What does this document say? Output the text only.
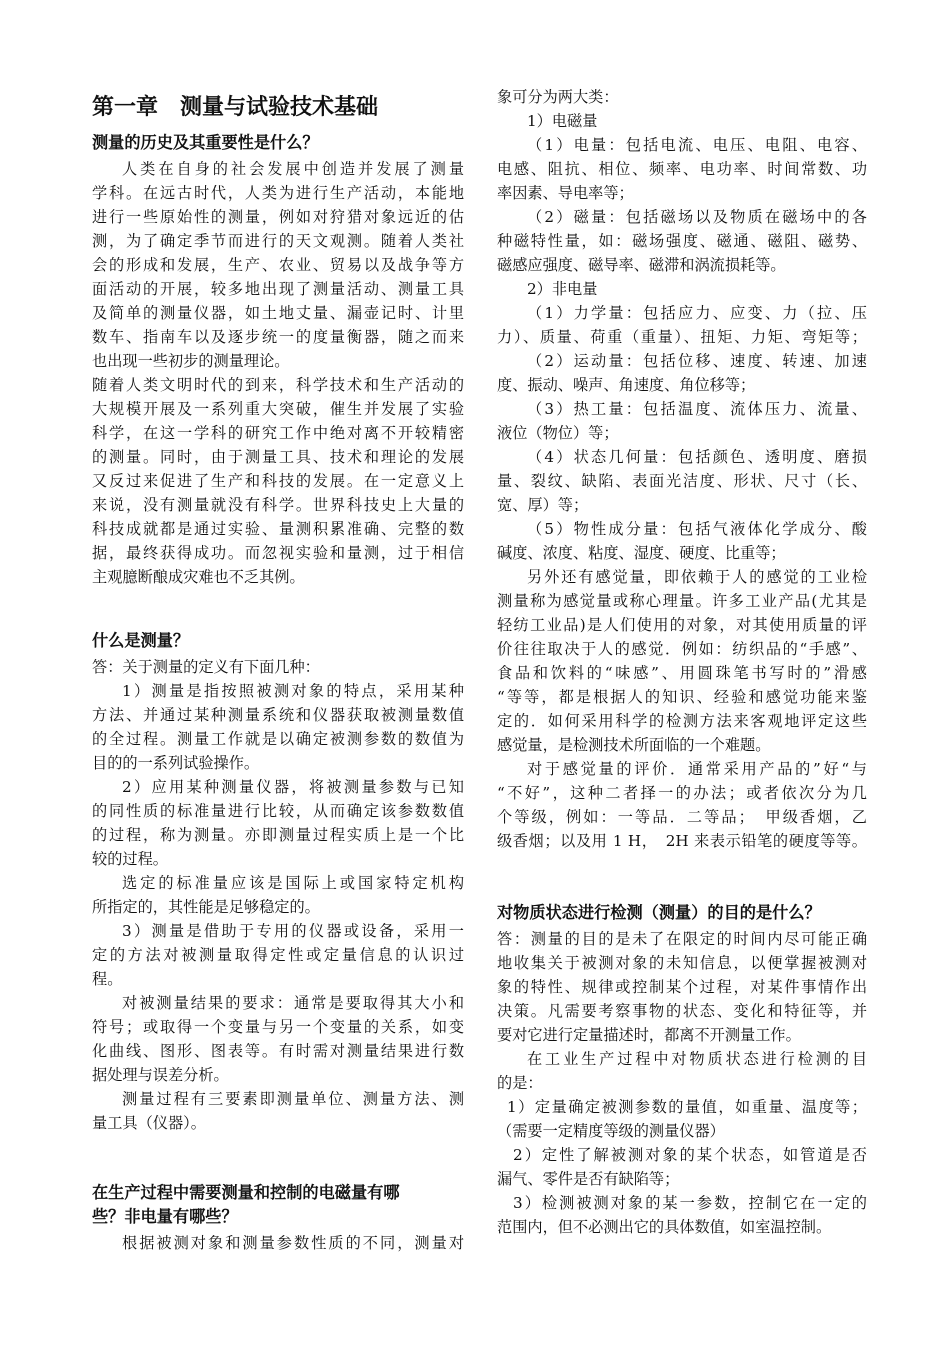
第一章　测量与试验技术基础
测量的历史及其重要性是什么？
人类在自身的社会发展中创造并发展了测量
学科。在远古时代，人类为进行生产活动，本能地
进行一些原始性的测量，例如对狩猎对象远近的估
测，为了确定季节而进行的天文观测。随着人类社
会的形成和发展，生产、农业、贸易以及战争等方
面活动的开展，较多地出现了测量活动、测量工具
及简单的测量仪器，如土地丈量、漏壶记时、计里
数车、指南车以及逐步统一的度量衡器，随之而来
也出现一些初步的测量理论。
随着人类文明时代的到来，科学技术和生产活动的
大规模开展及一系列重大突破，催生并发展了实验
科学，在这一学科的研究工作中绝对离不开较精密
的测量。同时，由于测量工具、技术和理论的发展
又反过来促进了生产和科技的发展。在一定意义上
来说，没有测量就没有科学。世界科技史上大量的
科技成就都是通过实验、量测积累准确、完整的数
据，最终获得成功。而忽视实验和量测，过于相信
主观臆断酿成灾难也不乏其例。
什么是测量？
答：关于测量的定义有下面几种：
1）测量是指按照被测对象的特点，采用某种
方法、并通过某种测量系统和仪器获取被测量数值
的全过程。测量工作就是以确定被测参数的数值为
目的的一系列试验操作。
2）应用某种测量仪器，将被测量参数与已知
的同性质的标准量进行比较，从而确定该参数数值
的过程，称为测量。亦即测量过程实质上是一个比
较的过程。
选定的标准量应该是国际上或国家特定机构
所指定的，其性能是足够稳定的。
3）测量是借助于专用的仪器或设备，采用一
定的方法对被测量取得定性或定量信息的认识过
程。
对被测量结果的要求：通常是要取得其大小和
符号；或取得一个变量与另一个变量的关系，如变
化曲线、图形、图表等。有时需对测量结果进行数
据处理与误差分析。
测量过程有三要素即测量单位、测量方法、测
量工具（仪器）。
在生产过程中需要测量和控制的电磁量有哪
些？非电量有哪些？
根据被测对象和测量参数性质的不同，测量对
象可分为两大类：
1）电磁量
（1）电量：包括电流、电压、电阻、电容、
电感、阻抗、相位、频率、电功率、时间常数、功
率因素、导电率等；
（2）磁量：包括磁场以及物质在磁场中的各
种磁特性量，如：磁场强度、磁通、磁阻、磁势、
磁感应强度、磁导率、磁滞和涡流损耗等。
2）非电量
（1）力学量：包括应力、应变、力（拉、压
力）、质量、荷重（重量）、扭矩、力矩、弯矩等；
（2）运动量：包括位移、速度、转速、加速
度、振动、噪声、角速度、角位移等；
（3）热工量：包括温度、流体压力、流量、
液位（物位）等；
（4）状态几何量：包括颜色、透明度、磨损
量、裂纹、缺陷、表面光洁度、形状、尺寸（长、
宽、厚）等；
（5）物性成分量：包括气液体化学成分、酸
碱度、浓度、粘度、湿度、硬度、比重等；
另外还有感觉量，即依赖于人的感觉的工业检
测量称为感觉量或称心理量。许多工业产品(尤其是
轻纺工业品)是人们使用的对象，对其使用质量的评
价往往取决于人的感觉．例如：纺织品的“手感”、
食品和饮料的“味感”、用圆珠笔书写时的”滑感
“等等，都是根据人的知识、经验和感觉功能来鉴
定的．如何采用科学的检测方法来客观地评定这些
感觉量，是检测技术所面临的一个难题。
对于感觉量的评价．通常采用产品的”好“与
“不好”，这种二者择一的办法；或者依次分为几
个等级，例如：一等品．二等品；　甲级香烟，乙
级香烟；以及用 1 H，　2H 来表示铅笔的硬度等等。
对物质状态进行检测（测量）的目的是什么？
答：测量的目的是未了在限定的时间内尽可能正确
地收集关于被测对象的未知信息，以便掌握被测对
象的特性、规律或控制某个过程，对某件事情作出
决策。凡需要考察事物的状态、变化和特征等，并
要对它进行定量描述时，都离不开测量工作。
在工业生产过程中对物质状态进行检测的目
的是：
1）定量确定被测参数的量值，如重量、温度等；
（需要一定精度等级的测量仪器）
2）定性了解被测对象的某个状态，如管道是否
漏气、零件是否有缺陷等；
3）检测被测对象的某一参数，控制它在一定的
范围内，但不必测出它的具体数值，如室温控制。
